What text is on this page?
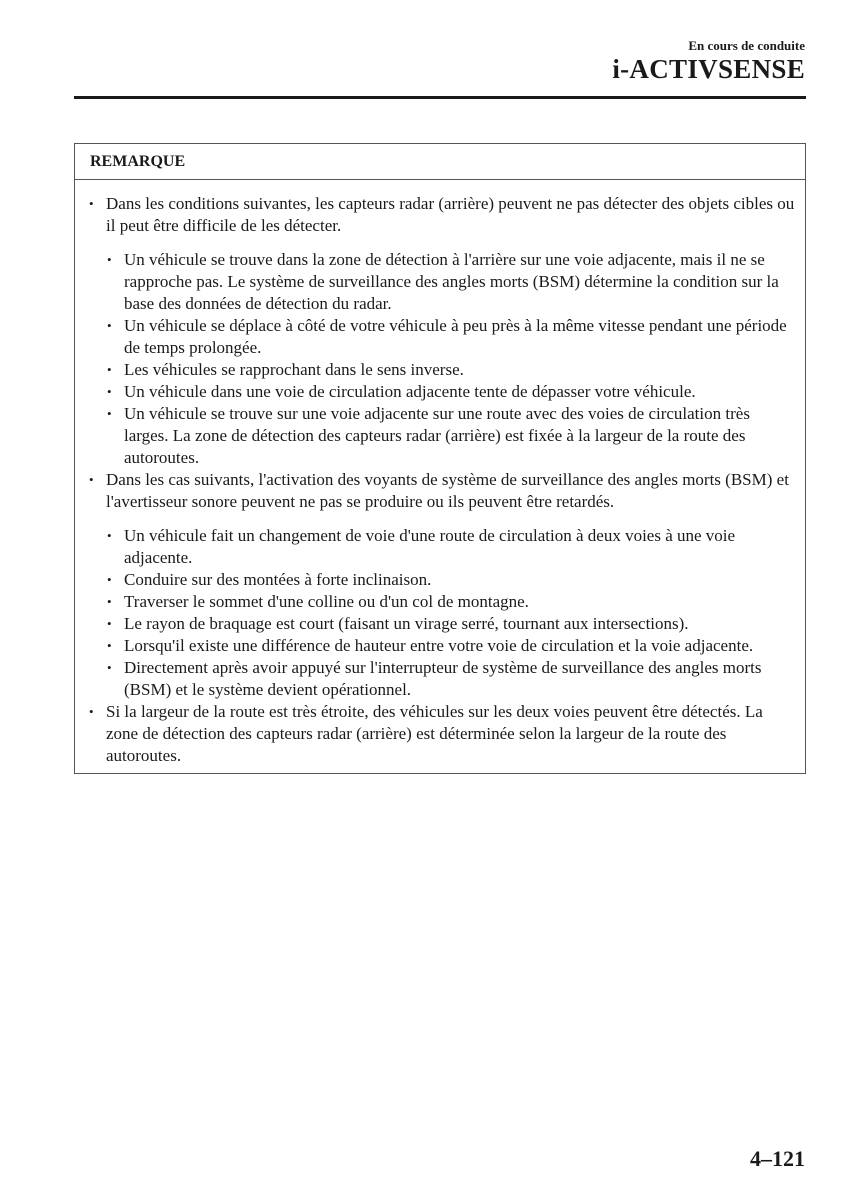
En cours de conduite
i-ACTIVSENSE
REMARQUE
• Dans les conditions suivantes, les capteurs radar (arrière) peuvent ne pas détecter des objets cibles ou il peut être difficile de les détecter.
• Un véhicule se trouve dans la zone de détection à l'arrière sur une voie adjacente, mais il ne se rapproche pas. Le système de surveillance des angles morts (BSM) détermine la condition sur la base des données de détection du radar.
• Un véhicule se déplace à côté de votre véhicule à peu près à la même vitesse pendant une période de temps prolongée.
• Les véhicules se rapprochant dans le sens inverse.
• Un véhicule dans une voie de circulation adjacente tente de dépasser votre véhicule.
• Un véhicule se trouve sur une voie adjacente sur une route avec des voies de circulation très larges. La zone de détection des capteurs radar (arrière) est fixée à la largeur de la route des autoroutes.
• Dans les cas suivants, l'activation des voyants de système de surveillance des angles morts (BSM) et l'avertisseur sonore peuvent ne pas se produire ou ils peuvent être retardés.
• Un véhicule fait un changement de voie d'une route de circulation à deux voies à une voie adjacente.
• Conduire sur des montées à forte inclinaison.
• Traverser le sommet d'une colline ou d'un col de montagne.
• Le rayon de braquage est court (faisant un virage serré, tournant aux intersections).
• Lorsqu'il existe une différence de hauteur entre votre voie de circulation et la voie adjacente.
• Directement après avoir appuyé sur l'interrupteur de système de surveillance des angles morts (BSM) et le système devient opérationnel.
• Si la largeur de la route est très étroite, des véhicules sur les deux voies peuvent être détectés. La zone de détection des capteurs radar (arrière) est déterminée selon la largeur de la route des autoroutes.
4–121
